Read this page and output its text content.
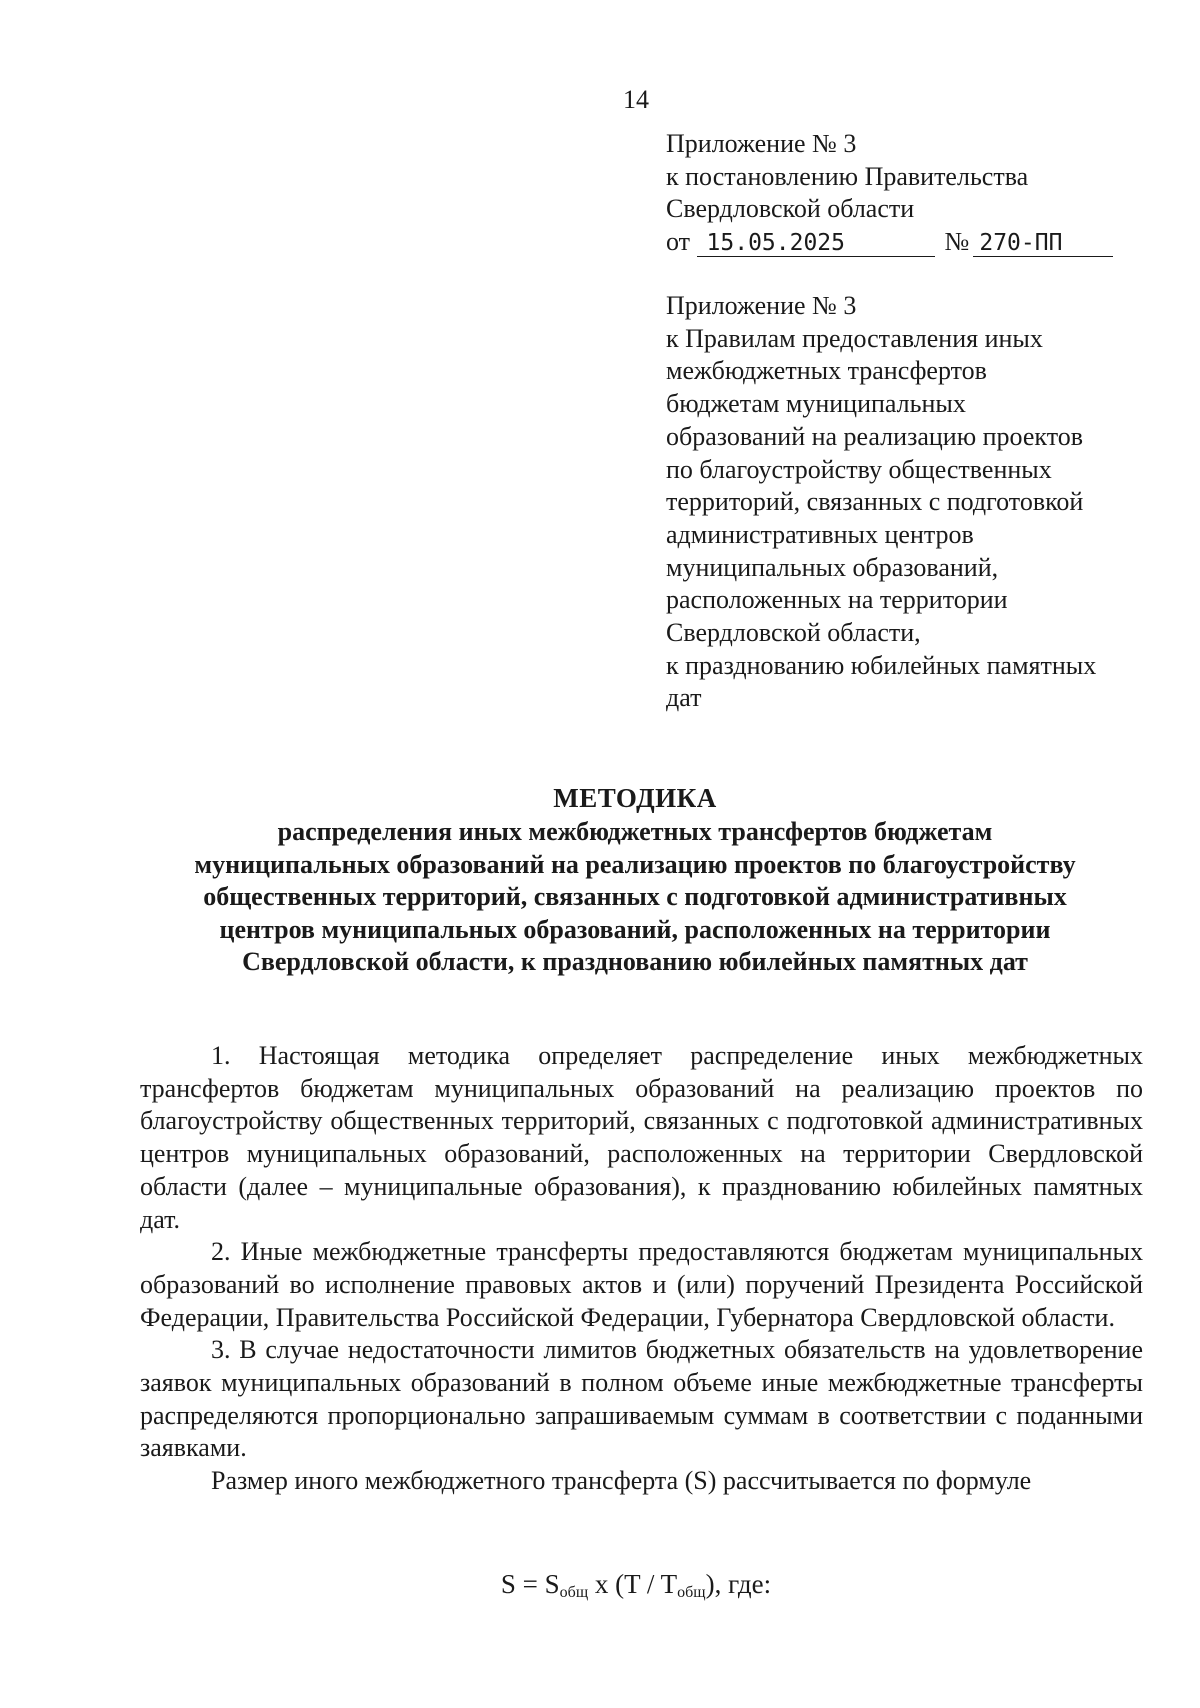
14
Приложение № 3
к постановлению Правительства
Свердловской области
от 15.05.2025	№ 270-ПП
Приложение № 3
к Правилам предоставления иных
межбюджетных трансфертов
бюджетам муниципальных
образований на реализацию проектов
по благоустройству общественных
территорий, связанных с подготовкой
административных центров
муниципальных образований,
расположенных на территории
Свердловской области,
к празднованию юбилейных памятных
дат
МЕТОДИКА
распределения иных межбюджетных трансфертов бюджетам
муниципальных образований на реализацию проектов по благоустройству
общественных территорий, связанных с подготовкой административных
центров муниципальных образований, расположенных на территории
Свердловской области, к празднованию юбилейных памятных дат

1. Настоящая методика определяет распределение иных межбюджетных трансфертов бюджетам муниципальных образований на реализацию проектов по благоустройству общественных территорий, связанных с подготовкой административных центров муниципальных образований, расположенных на территории Свердловской области (далее – муниципальные образования), к празднованию юбилейных памятных дат.

2. Иные межбюджетные трансферты предоставляются бюджетам муниципальных образований во исполнение правовых актов и (или) поручений Президента Российской Федерации, Правительства Российской Федерации, Губернатора Свердловской области.

3. В случае недостаточности лимитов бюджетных обязательств на удовлетворение заявок муниципальных образований в полном объеме иные межбюджетные трансферты распределяются пропорционально запрашиваемым суммам в соответствии с поданными заявками.

Размер иного межбюджетного трансферта (S) рассчитывается по формуле

$S = S_{общ}$ x $(T / T_{общ})$, где:
